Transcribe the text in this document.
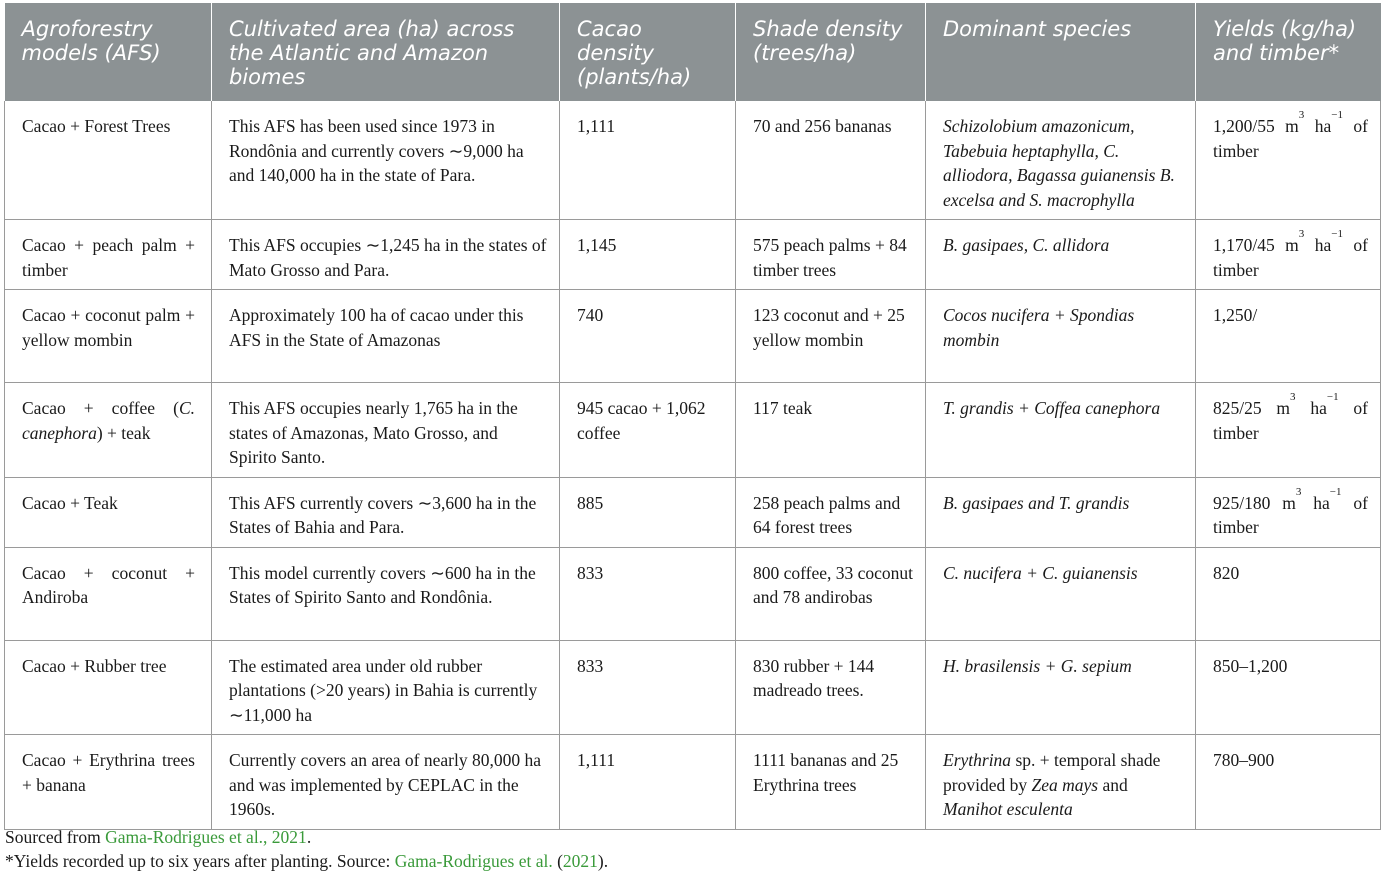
Agroforestry models (AFS)	Cultivated area (ha) across the Atlantic and Amazon biomes	Cacao density (plants/ha)	Shade density (trees/ha)	Dominant species	Yields (kg/ha) and timber*
Cacao + Forest Trees	This AFS has been used since 1973 in Rondônia and currently covers ∼9,000 ha and 140,000 ha in the state of Para.	1,111	70 and 256 bananas	Schizolobium amazonicum, Tabebuia heptaphylla, C. alliodora, Bagassa guianensis B. excelsa and S. macrophylla	1,200/55 $m^3$ $ha^{-1}$ of timber
Cacao + peach palm + timber	This AFS occupies ∼1,245 ha in the states of Mato Grosso and Para.	1,145	575 peach palms + 84 timber trees	B. gasipaes, C. allidora	1,170/45 $m^3$ $ha^{-1}$ of timber
Cacao + coconut palm + yellow mombin	Approximately 100 ha of cacao under this AFS in the State of Amazonas	740	123 coconut and + 25 yellow mombin	Cocos nucifera + Spondias mombin	1,250/
Cacao + coffee (C. canephora) + teak	This AFS occupies nearly 1,765 ha in the states of Amazonas, Mato Grosso, and Spirito Santo.	945 cacao + 1,062 coffee	117 teak	T. grandis + Coffea canephora	825/25 $m^3$ $ha^{-1}$ of timber
Cacao + Teak	This AFS currently covers ∼3,600 ha in the States of Bahia and Para.	885	258 peach palms and 64 forest trees	B. gasipaes and T. grandis	925/180 $m^3$ $ha^{-1}$ of timber
Cacao + coconut + Andiroba	This model currently covers ∼600 ha in the States of Spirito Santo and Rondônia.	833	800 coffee, 33 coconut and 78 andirobas	C. nucifera + C. guianensis	820
Cacao + Rubber tree	The estimated area under old rubber plantations (>20 years) in Bahia is currently ∼11,000 ha	833	830 rubber + 144 madreado trees.	H. brasilensis + G. sepium	850–1,200
Cacao + Erythrina trees + banana	Currently covers an area of nearly 80,000 ha and was implemented by CEPLAC in the 1960s.	1,111	1111 bananas and 25 Erythrina trees	Erythrina sp. + temporal shade provided by Zea mays and Manihot esculenta	780–900
Sourced from Gama-Rodrigues et al., 2021.
*Yields recorded up to six years after planting. Source: Gama-Rodrigues et al. (2021).
